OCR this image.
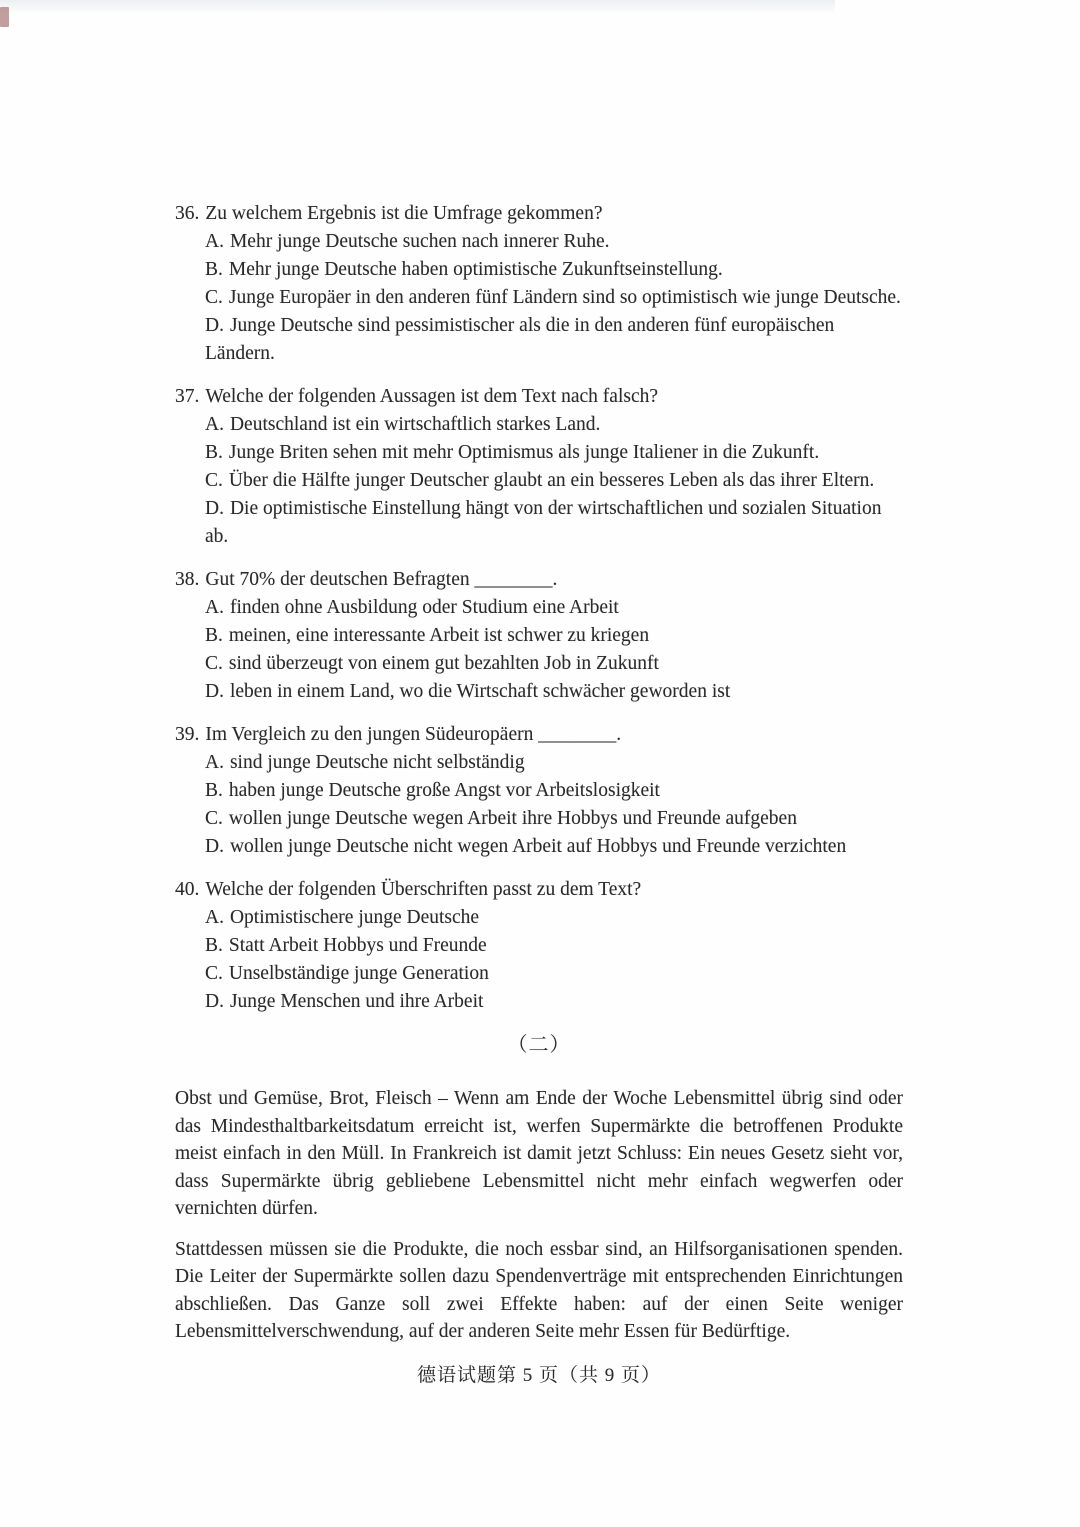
36. Zu welchem Ergebnis ist die Umfrage gekommen?
A. Mehr junge Deutsche suchen nach innerer Ruhe.
B. Mehr junge Deutsche haben optimistische Zukunftseinstellung.
C. Junge Europäer in den anderen fünf Ländern sind so optimistisch wie junge Deutsche.
D. Junge Deutsche sind pessimistischer als die in den anderen fünf europäischen Ländern.
37. Welche der folgenden Aussagen ist dem Text nach falsch?
A. Deutschland ist ein wirtschaftlich starkes Land.
B. Junge Briten sehen mit mehr Optimismus als junge Italiener in die Zukunft.
C. Über die Hälfte junger Deutscher glaubt an ein besseres Leben als das ihrer Eltern.
D. Die optimistische Einstellung hängt von der wirtschaftlichen und sozialen Situation ab.
38. Gut 70% der deutschen Befragten ________.
A. finden ohne Ausbildung oder Studium eine Arbeit
B. meinen, eine interessante Arbeit ist schwer zu kriegen
C. sind überzeugt von einem gut bezahlten Job in Zukunft
D. leben in einem Land, wo die Wirtschaft schwächer geworden ist
39. Im Vergleich zu den jungen Südeuropäern ________.
A. sind junge Deutsche nicht selbständig
B. haben junge Deutsche große Angst vor Arbeitslosigkeit
C. wollen junge Deutsche wegen Arbeit ihre Hobbys und Freunde aufgeben
D. wollen junge Deutsche nicht wegen Arbeit auf Hobbys und Freunde verzichten
40. Welche der folgenden Überschriften passt zu dem Text?
A. Optimistischere junge Deutsche
B. Statt Arbeit Hobbys und Freunde
C. Unselbständige junge Generation
D. Junge Menschen und ihre Arbeit
（二）

Obst und Gemüse, Brot, Fleisch – Wenn am Ende der Woche Lebensmittel übrig sind oder das Mindesthaltbarkeitsdatum erreicht ist, werfen Supermärkte die betroffenen Produkte meist einfach in den Müll. In Frankreich ist damit jetzt Schluss: Ein neues Gesetz sieht vor, dass Supermärkte übrig gebliebene Lebensmittel nicht mehr einfach wegwerfen oder vernichten dürfen.

Stattdessen müssen sie die Produkte, die noch essbar sind, an Hilfsorganisationen spenden. Die Leiter der Supermärkte sollen dazu Spendenverträge mit entsprechenden Einrichtungen abschließen. Das Ganze soll zwei Effekte haben: auf der einen Seite weniger Lebensmittelverschwendung, auf der anderen Seite mehr Essen für Bedürftige.

德语试题第 5 页（共 9 页）
